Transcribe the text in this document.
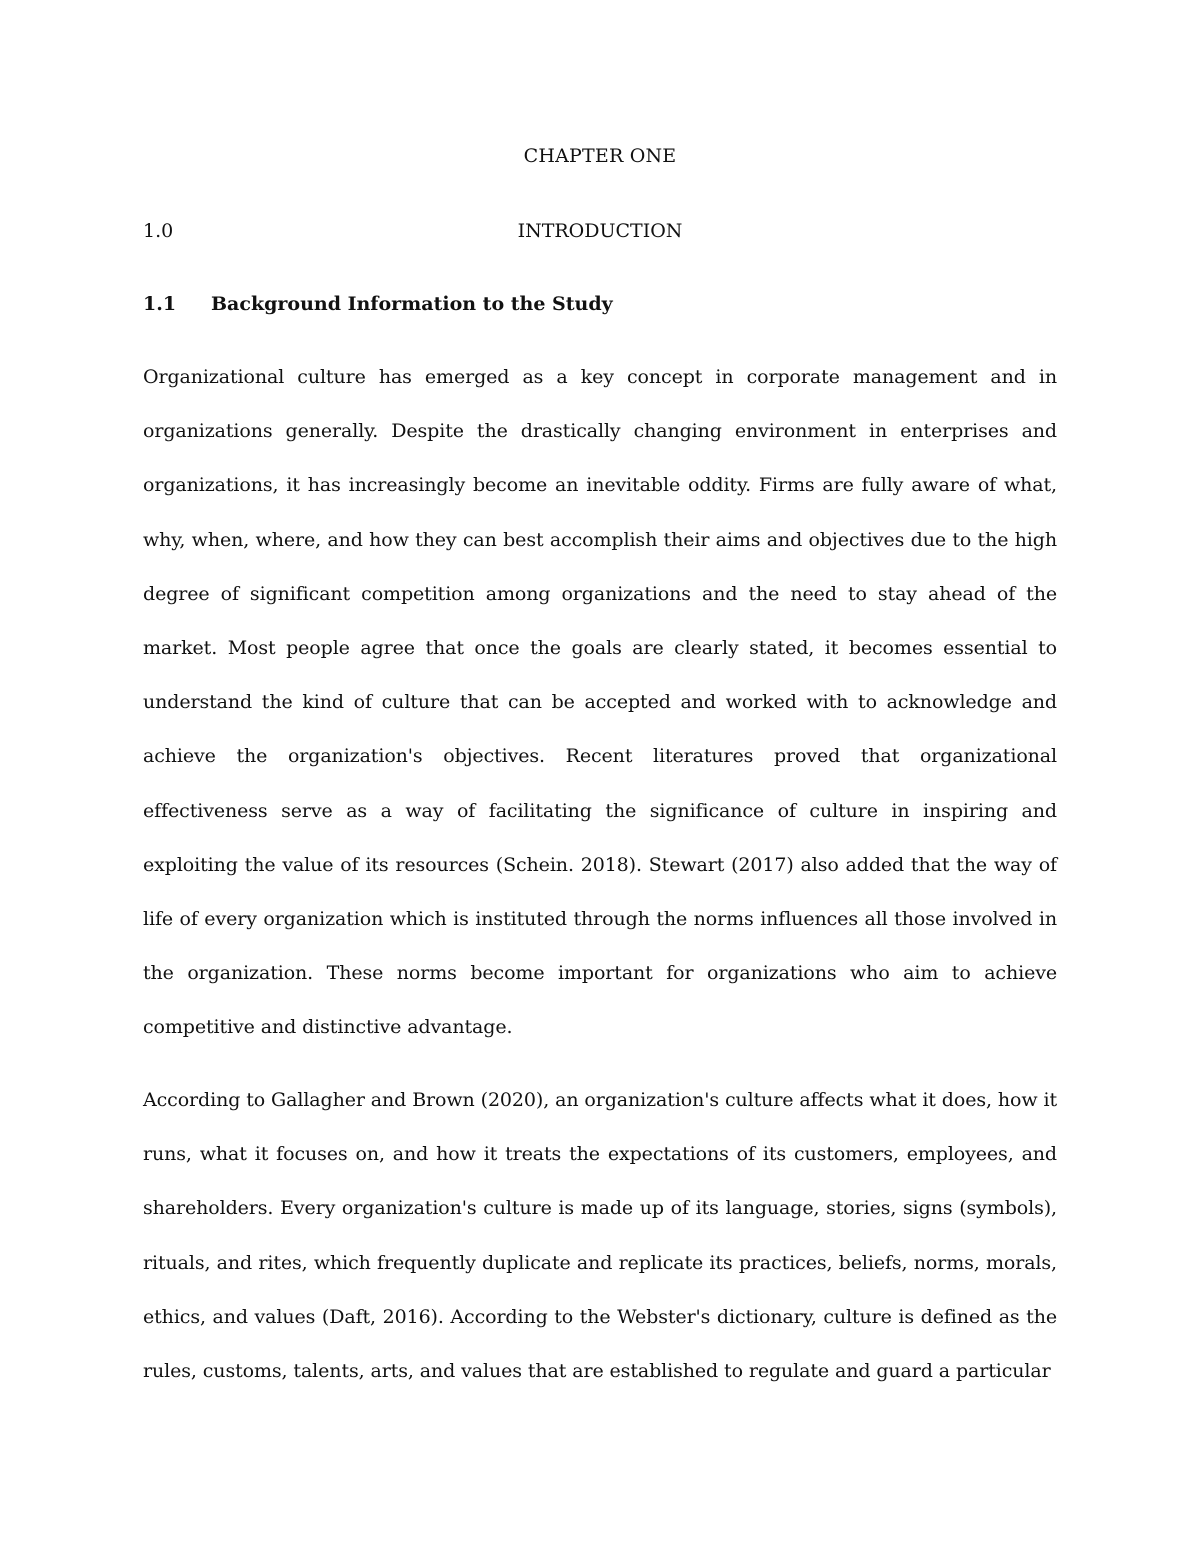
CHAPTER ONE
1.0	INTRODUCTION
1.1 Background Information to the Study

Organizational culture has emerged as a key concept in corporate management and in organizations generally. Despite the drastically changing environment in enterprises and organizations, it has increasingly become an inevitable oddity. Firms are fully aware of what, why, when, where, and how they can best accomplish their aims and objectives due to the high degree of significant competition among organizations and the need to stay ahead of the market. Most people agree that once the goals are clearly stated, it becomes essential to understand the kind of culture that can be accepted and worked with to acknowledge and achieve the organization's objectives. Recent literatures proved that organizational effectiveness serve as a way of facilitating the significance of culture in inspiring and exploiting the value of its resources (Schein. 2018). Stewart (2017) also added that the way of life of every organization which is instituted through the norms influences all those involved in the organization. These norms become important for organizations who aim to achieve competitive and distinctive advantage.

According to Gallagher and Brown (2020), an organization's culture affects what it does, how it runs, what it focuses on, and how it treats the expectations of its customers, employees, and shareholders. Every organization's culture is made up of its language, stories, signs (symbols), rituals, and rites, which frequently duplicate and replicate its practices, beliefs, norms, morals, ethics, and values (Daft, 2016). According to the Webster's dictionary, culture is defined as the rules, customs, talents, arts, and values that are established to regulate and guard a particular
